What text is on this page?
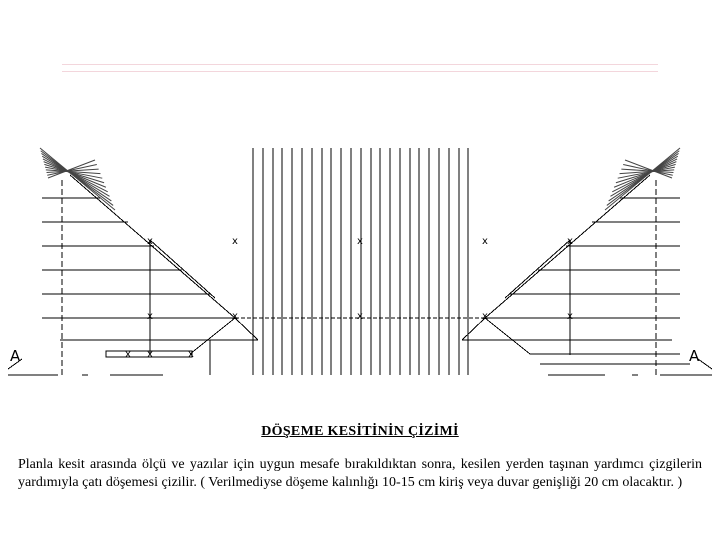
x	x	x	x	x
x	x	x	x	x
x x	x
A	A
DÖŞEME KESİTİNİN ÇİZİMİ

Planla kesit arasında ölçü ve yazılar için uygun mesafe bırakıldıktan sonra, kesilen yerden taşınan yardımcı çizgilerin yardımıyla çatı döşemesi çizilir. ( Verilmediyse döşeme kalınlığı 10-15 cm kiriş veya duvar genişliği 20 cm olacaktır. )
